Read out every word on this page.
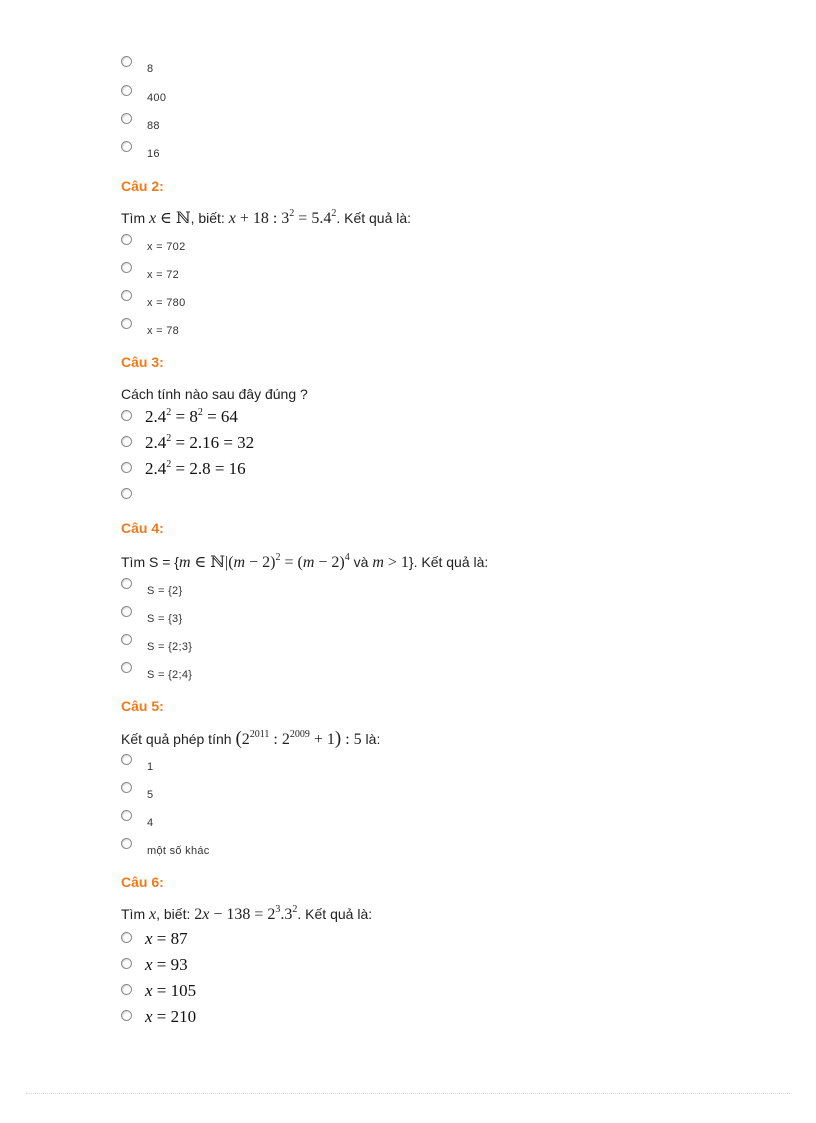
8
400
88
16
Câu 2:
Tìm x ∈ ℕ, biết: x + 18 : $3^2 = 5.4^2$. Kết quả là:
x = 702
x = 72
x = 780
x = 78
Câu 3:
Cách tính nào sau đây đúng ?
$2.4^2 = 8^2 = 64$
$2.4^2 = 2.16 = 32$
$2.4^2 = 2.8 = 16$
Câu 4:
Tìm S = {m ∈ ℕ|(m − $2)^2 = (m - 2)^4$ và m > 1}. Kết quả là:
S = {2}
S = {3}
S = {2;3}
S = {2;4}
Câu 5:
Kết quả phép tính ($2^{2011}$ : $2^{2009} + 1$) : 5 là:
1
5
4
một số khác
Câu 6:
Tìm x, biết: $2x - 138 = 2^3.3^2$. Kết quả là:
x = 87
x = 93
x = 105
x = 210
